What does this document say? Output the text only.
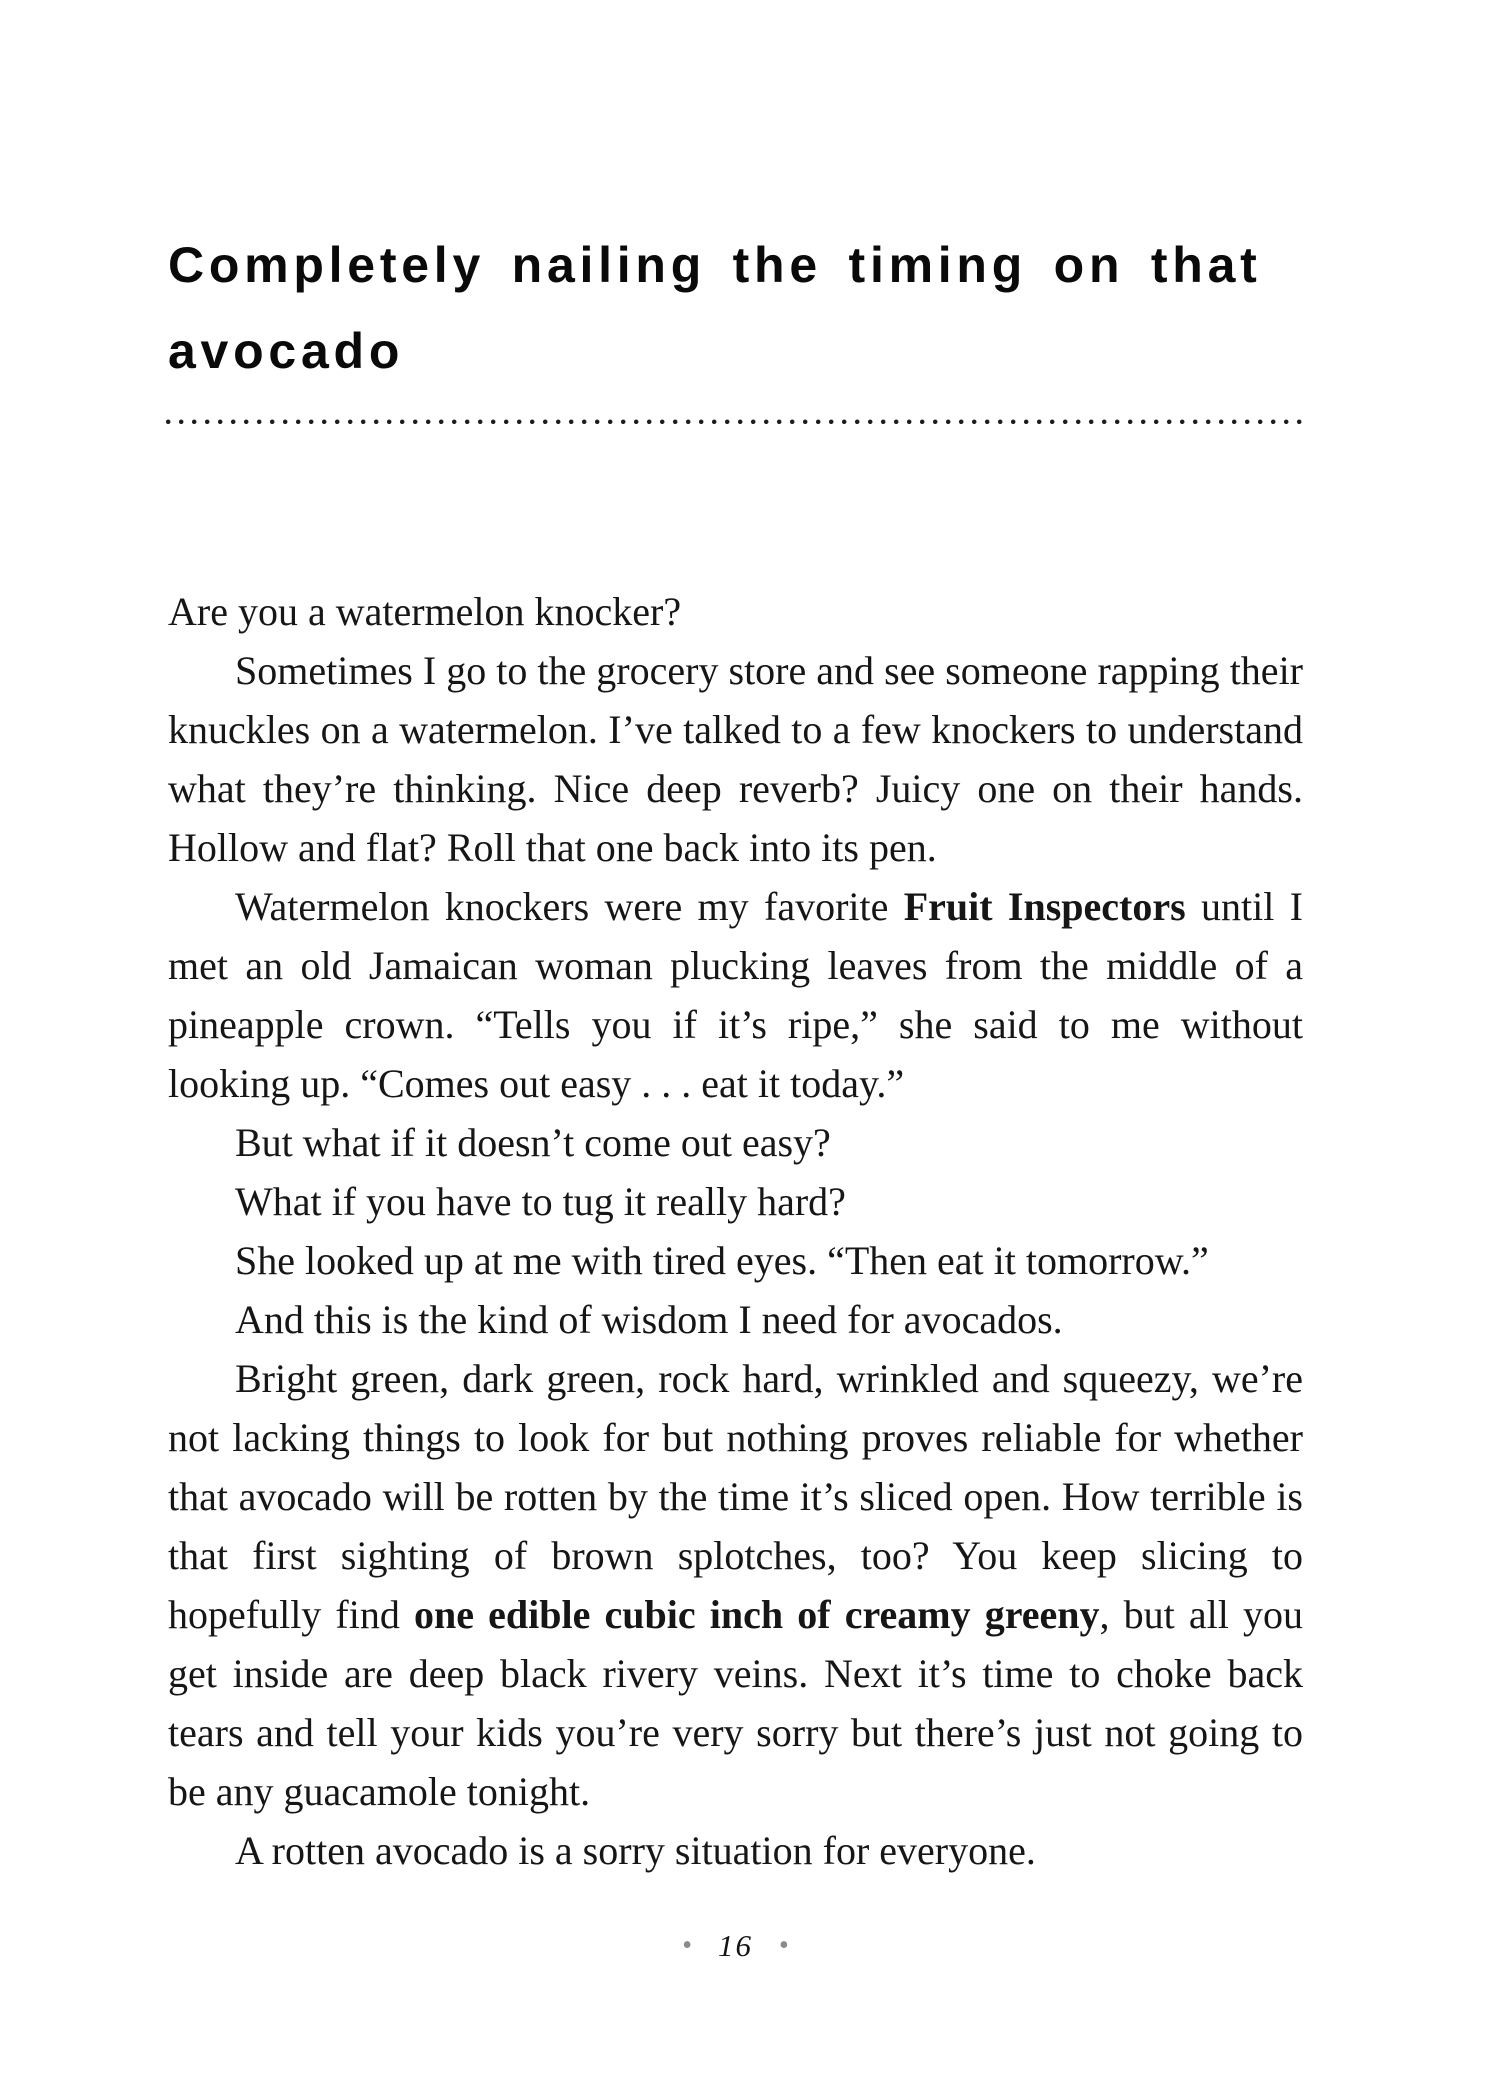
Completely nailing the timing on that
avocado

Are you a watermelon knocker?

Sometimes I go to the grocery store and see someone rapping their knuckles on a watermelon. I’ve talked to a few knockers to understand what they’re thinking. Nice deep reverb? Juicy one on their hands. Hollow and flat? Roll that one back into its pen.

Watermelon knockers were my favorite Fruit Inspectors until I met an old Jamaican woman plucking leaves from the middle of a pineapple crown. “Tells you if it’s ripe,” she said to me without looking up. “Comes out easy . . . eat it today.”

But what if it doesn’t come out easy?

What if you have to tug it really hard?

She looked up at me with tired eyes. “Then eat it tomorrow.”

And this is the kind of wisdom I need for avocados.

Bright green, dark green, rock hard, wrinkled and squeezy, we’re not lacking things to look for but nothing proves reliable for whether that avocado will be rotten by the time it’s sliced open. How terrible is that first sighting of brown splotches, too? You keep slicing to hopefully find one edible cubic inch of creamy greeny, but all you get inside are deep black rivery veins. Next it’s time to choke back tears and tell your kids you’re very sorry but there’s just not going to be any guacamole tonight.

A rotten avocado is a sorry situation for everyone.

• 16 •
